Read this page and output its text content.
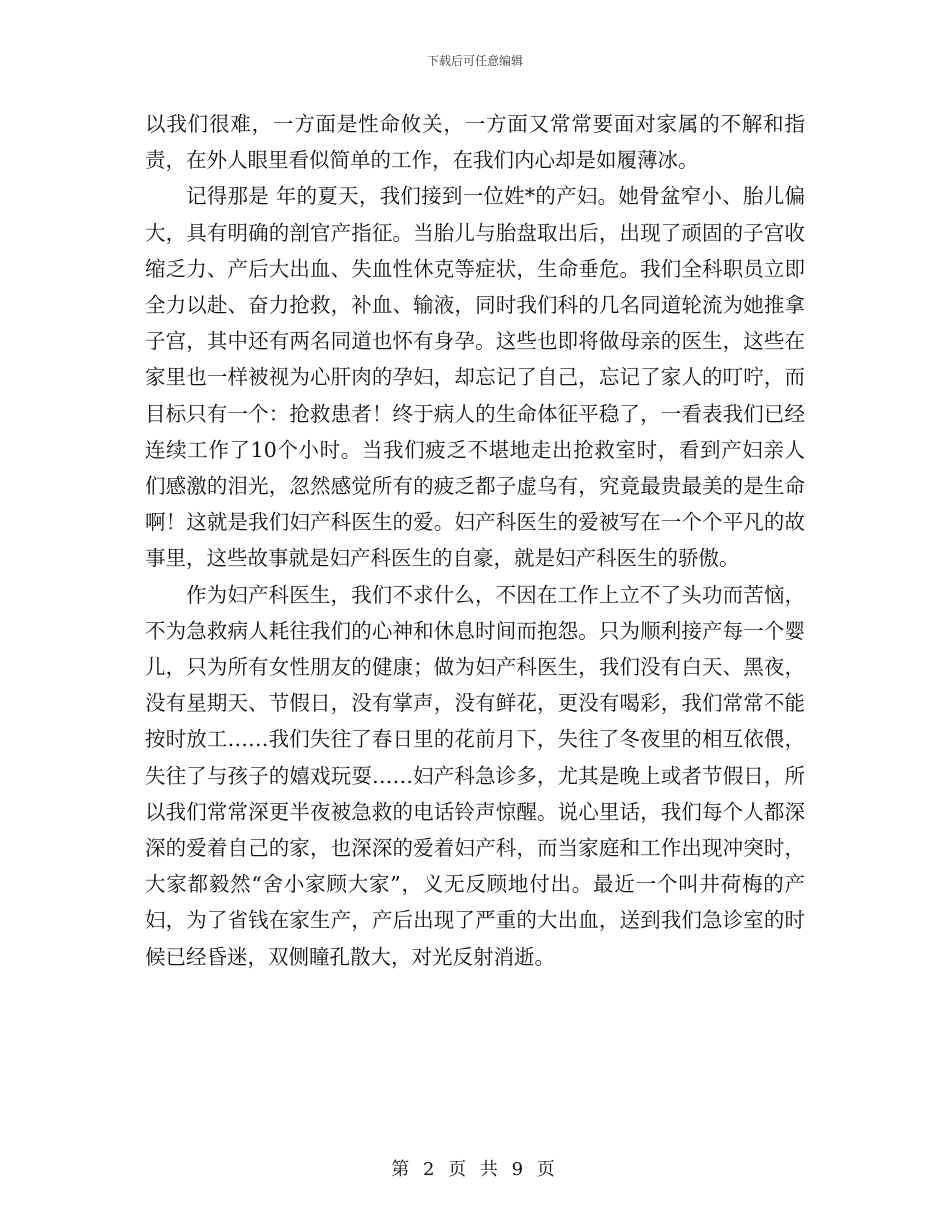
下载后可任意编辑

以我们很难，一方面是性命攸关，一方面又常常要面对家属的不解和指责，在外人眼里看似简单的工作，在我们内心却是如履薄冰。

记得那是 年的夏天，我们接到一位姓*的产妇。她骨盆窄小、胎儿偏大，具有明确的剖官产指征。当胎儿与胎盘取出后，出现了顽固的子宫收缩乏力、产后大出血、失血性休克等症状，生命垂危。我们全科职员立即全力以赴、奋力抢救，补血、输液，同时我们科的几名同道轮流为她推拿子宫，其中还有两名同道也怀有身孕。这些也即将做母亲的医生，这些在家里也一样被视为心肝肉的孕妇，却忘记了自己，忘记了家人的叮咛，而目标只有一个：抢救患者！终于病人的生命体征平稳了，一看表我们已经连续工作了10个小时。当我们疲乏不堪地走出抢救室时，看到产妇亲人们感激的泪光，忽然感觉所有的疲乏都子虚乌有，究竟最贵最美的是生命啊！这就是我们妇产科医生的爱。妇产科医生的爱被写在一个个平凡的故事里，这些故事就是妇产科医生的自豪，就是妇产科医生的骄傲。

作为妇产科医生，我们不求什么，不因在工作上立不了头功而苦恼，不为急救病人耗往我们的心神和休息时间而抱怨。只为顺利接产每一个婴儿，只为所有女性朋友的健康；做为妇产科医生，我们没有白天、黑夜，没有星期天、节假日，没有掌声，没有鲜花，更没有喝彩，我们常常不能按时放工……我们失往了春日里的花前月下，失往了冬夜里的相互依偎，失往了与孩子的嬉戏玩耍……妇产科急诊多，尤其是晚上或者节假日，所以我们常常深更半夜被急救的电话铃声惊醒。说心里话，我们每个人都深深的爱着自己的家，也深深的爱着妇产科，而当家庭和工作出现冲突时，大家都毅然“舍小家顾大家”，义无反顾地付出。最近一个叫井荷梅的产妇，为了省钱在家生产，产后出现了严重的大出血，送到我们急诊室的时候已经昏迷，双侧瞳孔散大，对光反射消逝。

第 2 页 共 9 页
